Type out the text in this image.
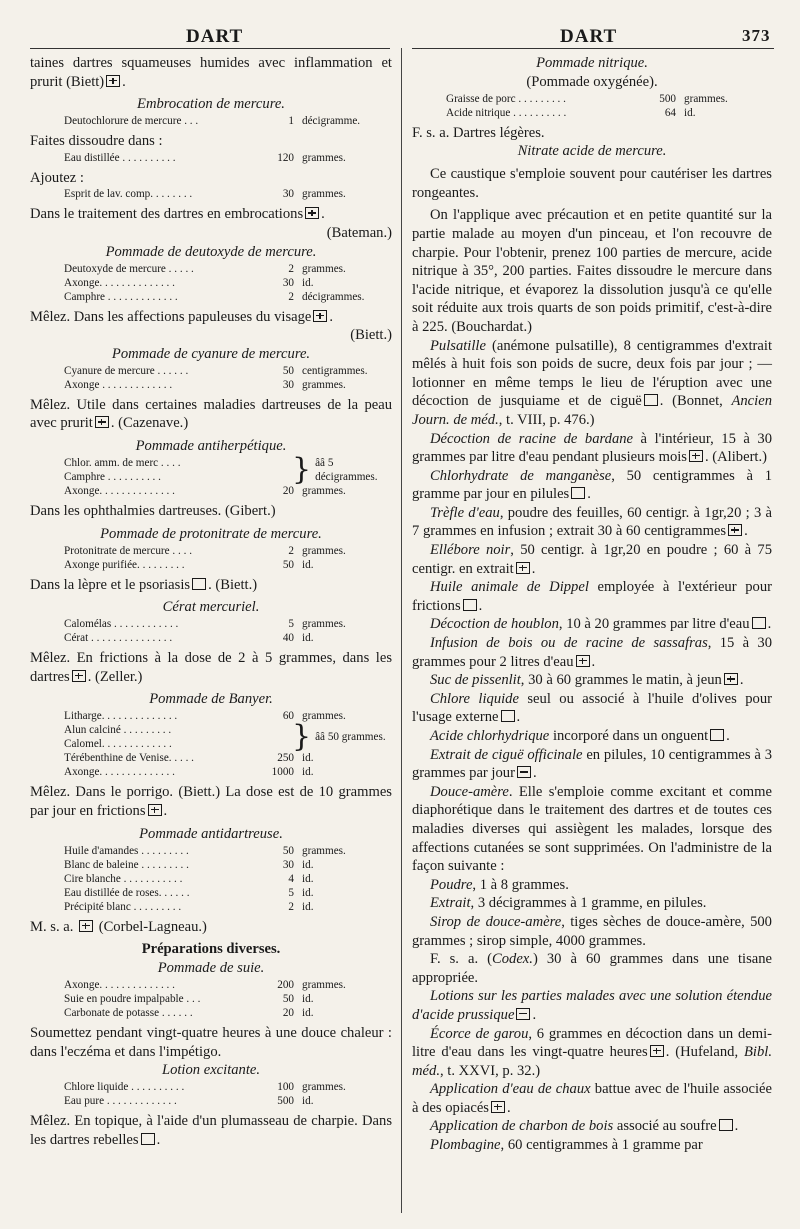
DART	DART	373

taines dartres squameuses humides avec inflammation et prurit (Biett) .

Embrocation de mercure.

Deutochlorure de mercure . . .	1 décigramme.

Faites dissoudre dans :

Eau distillée . . . . . . . . . .	120 grammes.

Ajoutez :

Esprit de lav. comp. . . . . . . .	30 grammes.

Dans le traitement des dartres en embrocations .

(Bateman.)

Pommade de deutoxyde de mercure.

Deutoxyde de mercure . . . . .	2 grammes.
Axonge. . . . . . . . . . . . . .	30 id.
Camphre . . . . . . . . . . . . .	2 décigrammes.

Mêlez. Dans les affections papuleuses du visage .

(Biett.)

Pommade de cyanure de mercure.

Cyanure de mercure . . . . . .	50 centigrammes.
Axonge . . . . . . . . . . . . .	30 grammes.

Mêlez. Utile dans certaines maladies dartreuses de la peau avec prurit . (Cazenave.)

Pommade antiherpétique.

Chlor. amm. de merc . . . .
Camphre . . . . . . . . . .	} ââ 5 décigrammes.
Axonge. . . . . . . . . . . . . .	20 grammes.

Dans les ophthalmies dartreuses. (Gibert.)

Pommade de protonitrate de mercure.

Protonitrate de mercure . . . .	2 grammes.
Axonge purifiée. . . . . . . . .	50 id.

Dans la lèpre et le psoriasis . (Biett.)

Cérat mercuriel.

Calomélas . . . . . . . . . . . .	5 grammes.
Cérat . . . . . . . . . . . . . . .	40 id.

Mêlez. En frictions à la dose de 2 à 5 grammes, dans les dartres . (Zeller.)

Pommade de Banyer.

Litharge. . . . . . . . . . . . . .	60 grammes.
Alun calciné . . . . . . . . .
Calomel. . . . . . . . . . . . .	} ââ 50 grammes.
Térébenthine de Venise. . . . .	250 id.
Axonge. . . . . . . . . . . . . .	1000 id.

Mêlez. Dans le porrigo. (Biett.) La dose est de 10 grammes par jour en frictions .

Pommade antidartreuse.

Huile d'amandes . . . . . . . . .	50 grammes.
Blanc de baleine . . . . . . . . .	30 id.
Cire blanche . . . . . . . . . . .	4 id.
Eau distillée de roses. . . . . .	5 id.
Précipité blanc . . . . . . . . .	2 id.

M. s. a. (Corbel-Lagneau.)

Préparations diverses.

Pommade de suie.

Axonge. . . . . . . . . . . . . .	200 grammes.
Suie en poudre impalpable . . .	50 id.
Carbonate de potasse . . . . . .	20 id.

Soumettez pendant vingt-quatre heures à une douce chaleur : dans l'eczéma et dans l'impétigo.

Lotion excitante.

Chlore liquide . . . . . . . . . .	100 grammes.
Eau pure . . . . . . . . . . . . .	500 id.

Mêlez. En topique, à l'aide d'un plumasseau de charpie. Dans les dartres rebelles .

Pommade nitrique.

(Pommade oxygénée).

Graisse de porc . . . . . . . . .	500 grammes.
Acide nitrique . . . . . . . . . .	64 id.

F. s. a. Dartres légères.

Nitrate acide de mercure.

Ce caustique s'emploie souvent pour cautériser les dartres rongeantes.

On l'applique avec précaution et en petite quantité sur la partie malade au moyen d'un pinceau, et l'on recouvre de charpie. Pour l'obtenir, prenez 100 parties de mercure, acide nitrique à 35°, 200 parties. Faites dissoudre le mercure dans l'acide nitrique, et évaporez la dissolution jusqu'à ce qu'elle soit réduite aux trois quarts de son poids primitif, c'est-à-dire à 225. (Bouchardat.)

Pulsatille (anémone pulsatille), 8 centigrammes d'extrait mêlés à huit fois son poids de sucre, deux fois par jour ; — lotionner en même temps le lieu de l'éruption avec une décoction de jusquiame et de ciguë . (Bonnet, Ancien Journ. de méd., t. VIII, p. 476.)

Décoction de racine de bardane à l'intérieur, 15 à 30 grammes par litre d'eau pendant plusieurs mois . (Alibert.)

Chlorhydrate de manganèse, 50 centigrammes à 1 gramme par jour en pilules .

Trèfle d'eau, poudre des feuilles, 60 centigr. à 1gr,20 ; 3 à 7 grammes en infusion ; extrait 30 à 60 centigrammes .

Ellébore noir, 50 centigr. à 1gr,20 en poudre ; 60 à 75 centigr. en extrait .

Huile animale de Dippel employée à l'extérieur pour frictions .

Décoction de houblon, 10 à 20 grammes par litre d'eau .

Infusion de bois ou de racine de sassafras, 15 à 30 grammes pour 2 litres d'eau .

Suc de pissenlit, 30 à 60 grammes le matin, à jeun .

Chlore liquide seul ou associé à l'huile d'olives pour l'usage externe .

Acide chlorhydrique incorporé dans un onguent .

Extrait de ciguë officinale en pilules, 10 centigrammes à 3 grammes par jour .

Douce-amère. Elle s'emploie comme excitant et comme diaphorétique dans le traitement des dartres et de toutes ces maladies diverses qui assiègent les malades, lorsque des affections cutanées se sont supprimées. On l'administre de la façon suivante :

Poudre, 1 à 8 grammes.

Extrait, 3 décigrammes à 1 gramme, en pilules.

Sirop de douce-amère, tiges sèches de douce-amère, 500 grammes ; sirop simple, 4000 grammes.

F. s. a. (Codex.) 30 à 60 grammes dans une tisane appropriée.

Lotions sur les parties malades avec une solution étendue d'acide prussique .

Écorce de garou, 6 grammes en décoction dans un demi-litre d'eau dans les vingt-quatre heures . (Hufeland, Bibl. méd., t. XXVI, p. 32.)

Application d'eau de chaux battue avec de l'huile associée à des opiacés .

Application de charbon de bois associé au soufre .

Plombagine, 60 centigrammes à 1 gramme par
